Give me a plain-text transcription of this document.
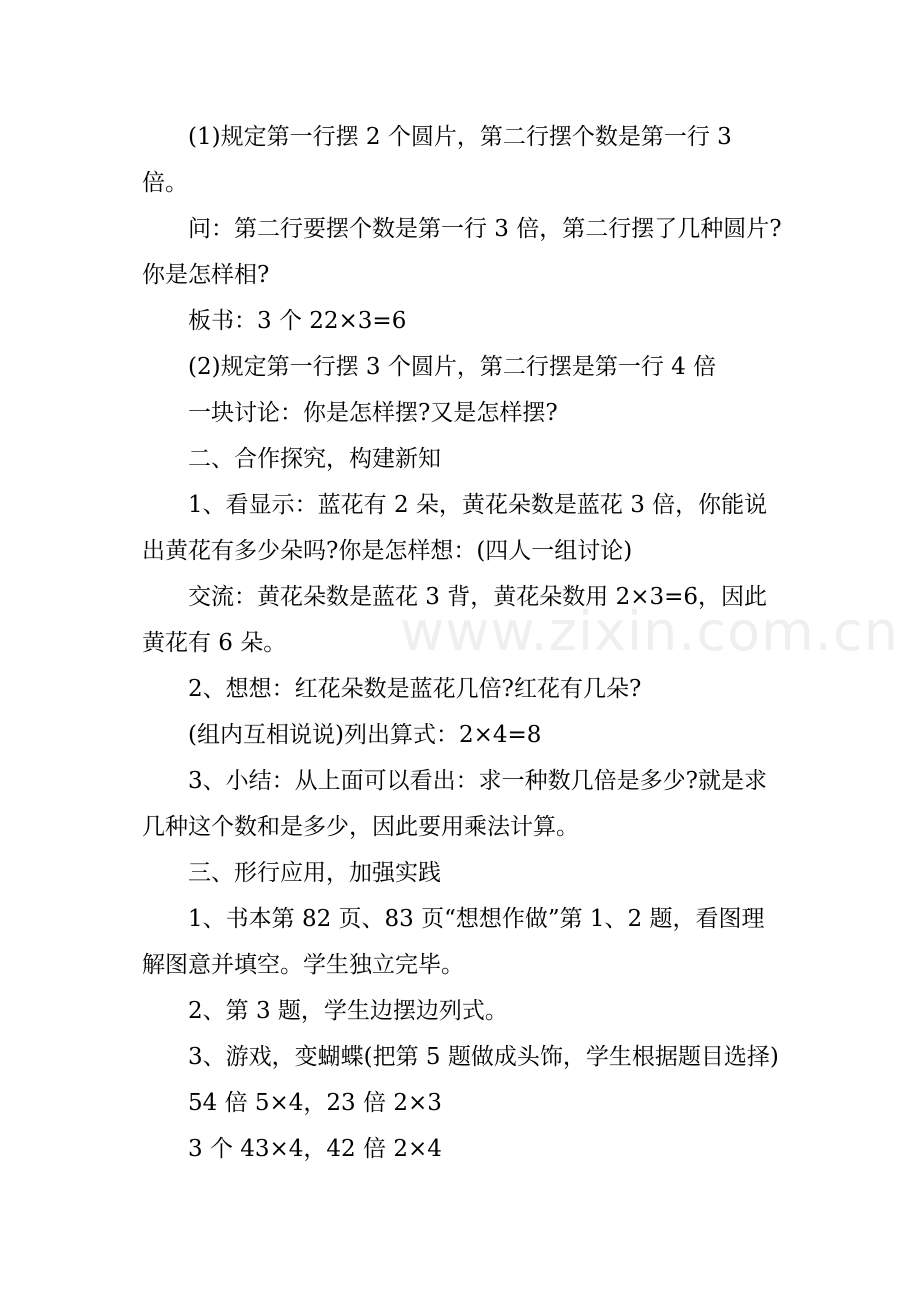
(1)规定第一行摆 2 个圆片，第二行摆个数是第一行 3 倍。

问：第二行要摆个数是第一行 3 倍，第二行摆了几种圆片?你是怎样相?

板书：3 个 22×3=6

(2)规定第一行摆 3 个圆片，第二行摆是第一行 4 倍

一块讨论：你是怎样摆?又是怎样摆?

二、合作探究，构建新知

1、看显示：蓝花有 2 朵，黄花朵数是蓝花 3 倍，你能说出黄花有多少朵吗?你是怎样想：(四人一组讨论)

交流：黄花朵数是蓝花 3 背，黄花朵数用 2×3=6，因此黄花有 6 朵。

2、想想：红花朵数是蓝花几倍?红花有几朵?

(组内互相说说)列出算式：2×4=8

3、小结：从上面可以看出：求一种数几倍是多少?就是求几种这个数和是多少，因此要用乘法计算。

三、形行应用，加强实践

1、书本第 82 页、83 页“想想作做”第 1、2 题，看图理解图意并填空。学生独立完毕。

2、第 3 题，学生边摆边列式。

3、游戏，变蝴蝶(把第 5 题做成头饰，学生根据题目选择)

54 倍 5×4，23 倍 2×3

3 个 43×4，42 倍 2×4

www.zixin.com.cn
